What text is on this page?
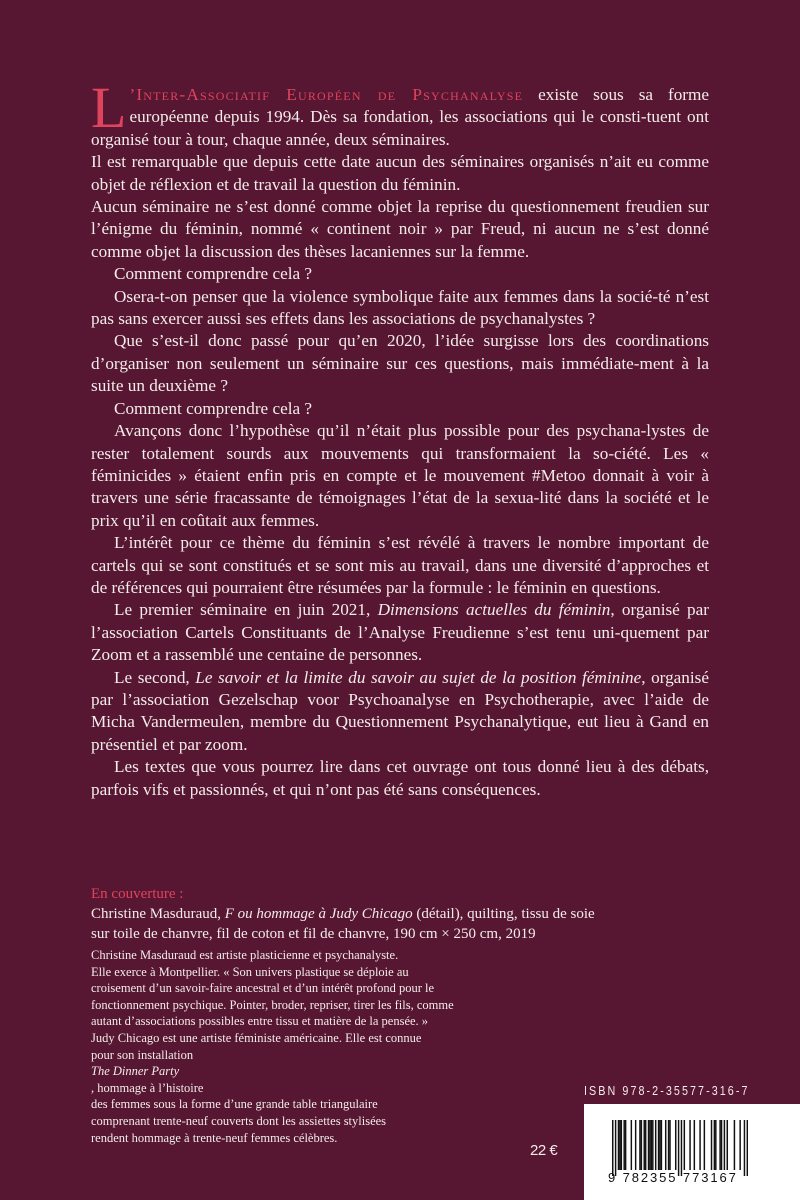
L ’Inter-Associatif Européen de Psychanalyse existe sous sa forme européenne depuis 1994. Dès sa fondation, les associations qui le consti-tuent ont organisé tour à tour, chaque année, deux séminaires.

Il est remarquable que depuis cette date aucun des séminaires organisés n’ait eu comme objet de réflexion et de travail la question du féminin.

Aucun séminaire ne s’est donné comme objet la reprise du questionnement freudien sur l’énigme du féminin, nommé « continent noir » par Freud, ni aucun ne s’est donné comme objet la discussion des thèses lacaniennes sur la femme.

Comment comprendre cela ?

Osera-t-on penser que la violence symbolique faite aux femmes dans la socié-té n’est pas sans exercer aussi ses effets dans les associations de psychanalystes ?

Que s’est-il donc passé pour qu’en 2020, l’idée surgisse lors des coordinations d’organiser non seulement un séminaire sur ces questions, mais immédiate-ment à la suite un deuxième ?

Comment comprendre cela ?

Avançons donc l’hypothèse qu’il n’était plus possible pour des psychana-lystes de rester totalement sourds aux mouvements qui transformaient la so-ciété. Les « féminicides » étaient enfin pris en compte et le mouvement #Metoo donnait à voir à travers une série fracassante de témoignages l’état de la sexua-lité dans la société et le prix qu’il en coûtait aux femmes.

L’intérêt pour ce thème du féminin s’est révélé à travers le nombre important de cartels qui se sont constitués et se sont mis au travail, dans une diversité d’approches et de références qui pourraient être résumées par la formule : le féminin en questions.

Le premier séminaire en juin 2021, Dimensions actuelles du féminin, organisé par l’association Cartels Constituants de l’Analyse Freudienne s’est tenu uni-quement par Zoom et a rassemblé une centaine de personnes.

Le second, Le savoir et la limite du savoir au sujet de la position féminine, organisé par l’association Gezelschap voor Psychoanalyse en Psychotherapie, avec l’aide de Micha Vandermeulen, membre du Questionnement Psychanalytique, eut lieu à Gand en présentiel et par zoom.

Les textes que vous pourrez lire dans cet ouvrage ont tous donné lieu à des débats, parfois vifs et passionnés, et qui n’ont pas été sans conséquences.

En couverture :

Christine Masduraud, F ou hommage à Judy Chicago (détail), quilting, tissu de soie
sur toile de chanvre, fil de coton et fil de chanvre, 190 cm × 250 cm, 2019

Christine Masduraud est artiste plasticienne et psychanalyste.
Elle exerce à Montpellier. « Son univers plastique se déploie au
croisement d’un savoir-faire ancestral et d’un intérêt profond pour le
fonctionnement psychique. Pointer, broder, repriser, tirer les fils, comme
autant d’associations possibles entre tissu et matière de la pensée. »
Judy Chicago est une artiste féministe américaine. Elle est connue
pour son installation
The Dinner Party
, hommage à l’histoire
des femmes sous la forme d’une grande table triangulaire
comprenant trente-neuf couverts dont les assiettes stylisées
rendent hommage à trente-neuf femmes célèbres.
ISBN 978-2-35577-316-7
22 €
9 782355 773167
